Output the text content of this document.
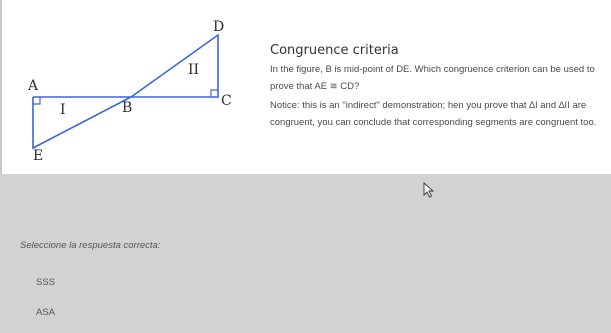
D
II
A
C
I	B
E
Congruence criteria
In the figure, B is mid-point of DE. Which congruence criterion can be used to prove that AE ≅ CD?
Notice: this is an "indirect" demonstration; hen you prove that ∆I and ∆II are congruent, you can conclude that corresponding segments are congruent too.
Seleccione la respuesta correcta:
SSS
ASA
